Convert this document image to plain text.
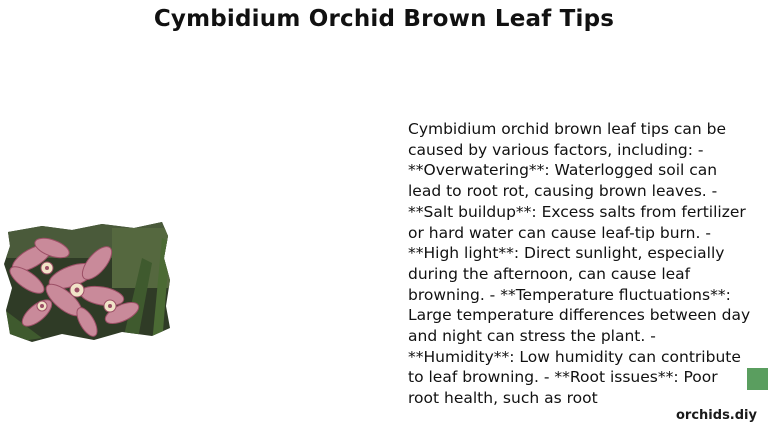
Cymbidium Orchid Brown Leaf Tips

Cymbidium orchid brown leaf tips can be caused by various factors, including: - **Overwatering**: Waterlogged soil can lead to root rot, causing brown leaves. - **Salt buildup**: Excess salts from fertilizer or hard water can cause leaf-tip burn. - **High light**: Direct sunlight, especially during the afternoon, can cause leaf browning. - **Temperature fluctuations**: Large temperature differences between day and night can stress the plant. - **Humidity**: Low humidity can contribute to leaf browning. - **Root issues**: Poor root health, such as root

orchids.diy
